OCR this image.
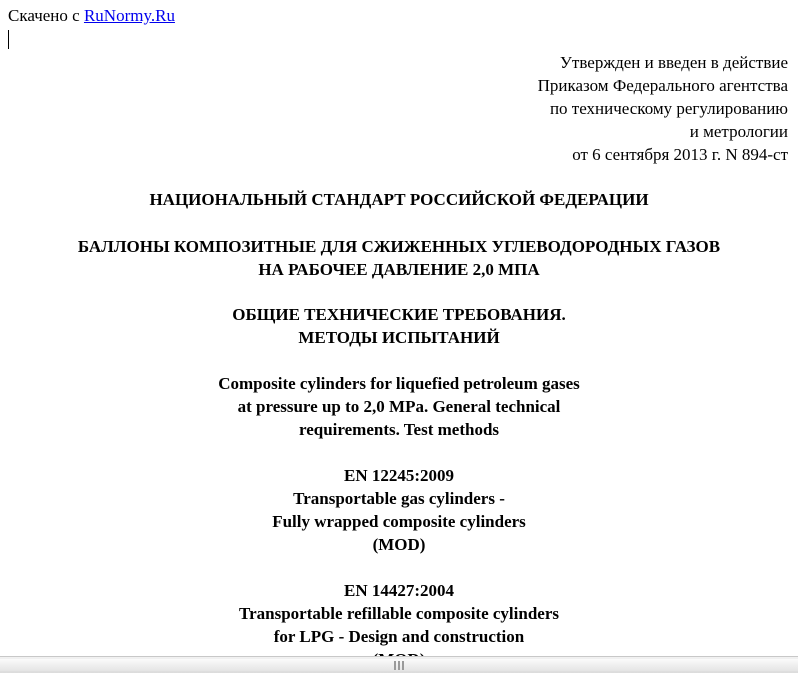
Скачено с RuNormy.Ru
Утвержден и введен в действие
Приказом Федерального агентства
по техническому регулированию
и метрологии
от 6 сентября 2013 г. N 894-ст
НАЦИОНАЛЬНЫЙ СТАНДАРТ РОССИЙСКОЙ ФЕДЕРАЦИИ
БАЛЛОНЫ КОМПОЗИТНЫЕ ДЛЯ СЖИЖЕННЫХ УГЛЕВОДОРОДНЫХ ГАЗОВ
НА РАБОЧЕЕ ДАВЛЕНИЕ 2,0 МПА
ОБЩИЕ ТЕХНИЧЕСКИЕ ТРЕБОВАНИЯ.
МЕТОДЫ ИСПЫТАНИЙ
Composite cylinders for liquefied petroleum gases
at pressure up to 2,0 MPa. General technical
requirements. Test methods
EN 12245:2009
Transportable gas cylinders -
Fully wrapped composite cylinders
(MOD)
EN 14427:2004
Transportable refillable composite cylinders
for LPG - Design and construction
